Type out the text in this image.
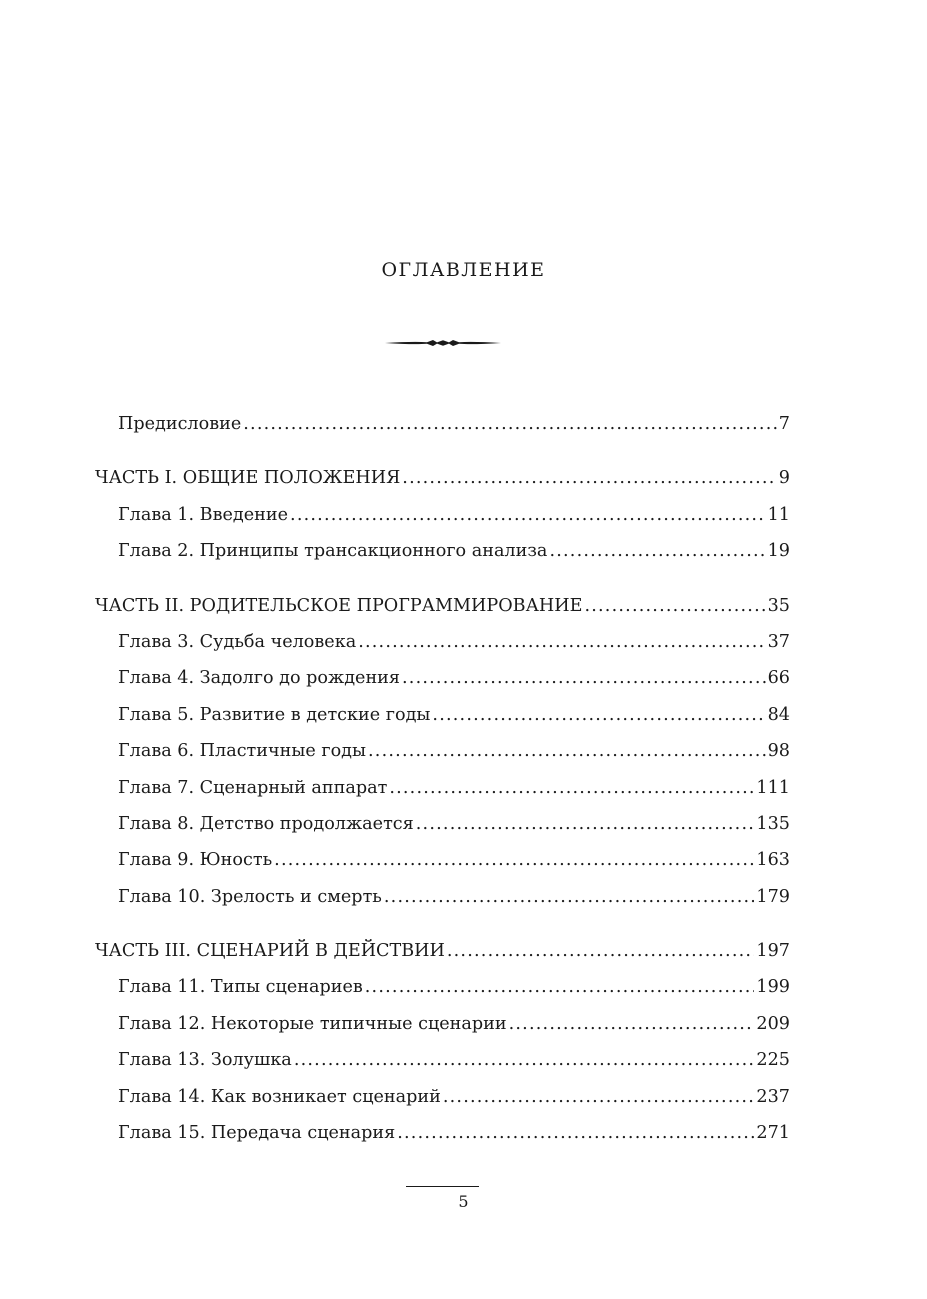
ОГЛАВЛЕНИЕ
Предисловие . . .	7
ЧАСТЬ I. ОБЩИЕ ПОЛОЖЕНИЯ . . .	9
Глава 1. Введение . . .	11
Глава 2. Принципы трансакционного анализа . . .	19
ЧАСТЬ II. РОДИТЕЛЬСКОЕ ПРОГРАММИРОВАНИЕ . . .	35
Глава 3. Судьба человека . . .	37
Глава 4. Задолго до рождения . . .	66
Глава 5. Развитие в детские годы . . .	84
Глава 6. Пластичные годы . . .	98
Глава 7. Сценарный аппарат . . .	111
Глава 8. Детство продолжается . . .	135
Глава 9. Юность . . .	163
Глава 10. Зрелость и смерть . . .	179
ЧАСТЬ III. СЦЕНАРИЙ В ДЕЙСТВИИ . . .	197
Глава 11. Типы сценариев . . .	199
Глава 12. Некоторые типичные сценарии . . .	209
Глава 13. Золушка . . .	225
Глава 14. Как возникает сценарий . . .	237
Глава 15. Передача сценария . . .	271
5
